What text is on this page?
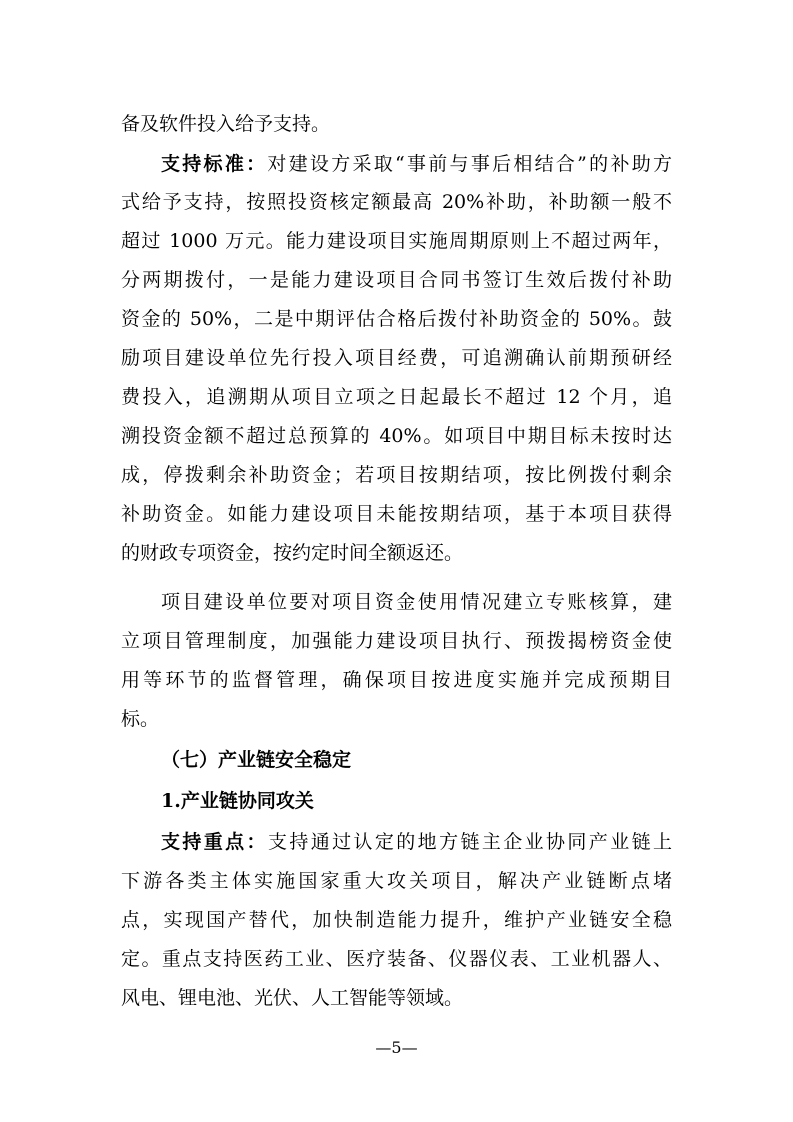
备及软件投入给予支持。
支持标准：对建设方采取“事前与事后相结合”的补助方
式给予支持，按照投资核定额最高 20%补助，补助额一般不
超过 1000 万元。能力建设项目实施周期原则上不超过两年，
分两期拨付，一是能力建设项目合同书签订生效后拨付补助
资金的 50%，二是中期评估合格后拨付补助资金的 50%。鼓
励项目建设单位先行投入项目经费，可追溯确认前期预研经
费投入，追溯期从项目立项之日起最长不超过 12 个月，追
溯投资金额不超过总预算的 40%。如项目中期目标未按时达
成，停拨剩余补助资金；若项目按期结项，按比例拨付剩余
补助资金。如能力建设项目未能按期结项，基于本项目获得
的财政专项资金，按约定时间全额返还。
项目建设单位要对项目资金使用情况建立专账核算，建
立项目管理制度，加强能力建设项目执行、预拨揭榜资金使
用等环节的监督管理，确保项目按进度实施并完成预期目
标。
（七）产业链安全稳定
1.产业链协同攻关
支持重点：支持通过认定的地方链主企业协同产业链上
下游各类主体实施国家重大攻关项目，解决产业链断点堵
点，实现国产替代，加快制造能力提升，维护产业链安全稳
定。重点支持医药工业、医疗装备、仪器仪表、工业机器人、
风电、锂电池、光伏、人工智能等领域。
—5—
